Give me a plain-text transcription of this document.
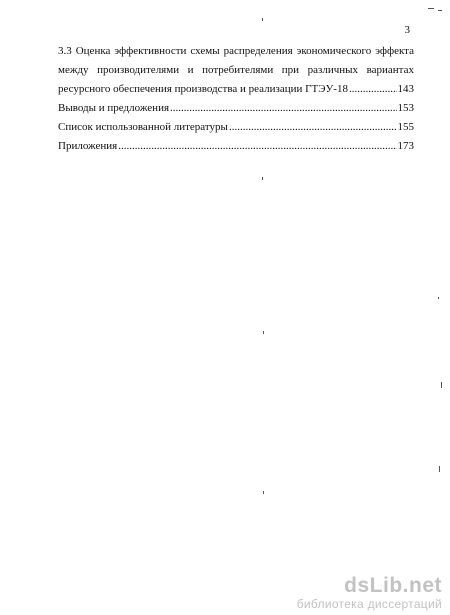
3
3.3 Оценка эффективности схемы распределения экономического эффекта
между производителями и потребителями при различных вариантах
ресурсного обеспечения производства и реализации ГТЭУ-18 .....	143
Выводы и предложения .....	153
Список использованной литературы .....	155
Приложения .....	173
dsLib.net
библиотека диссертаций
